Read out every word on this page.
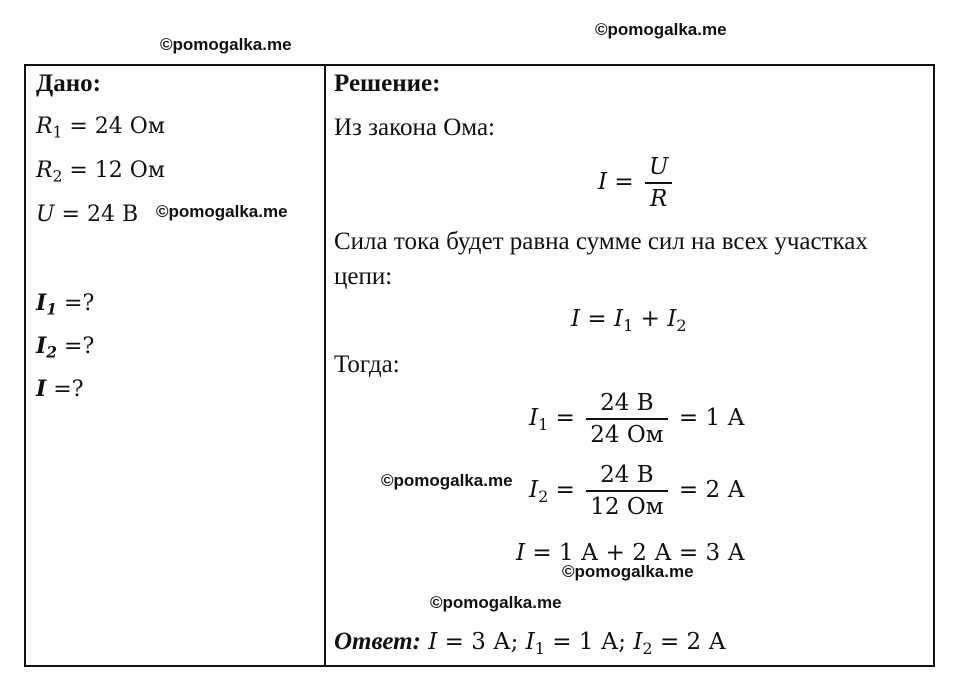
©pomogalka.me
©pomogalka.me
Дано:
$R_1 = 24$ Ом
$R_2 = 12$ Ом
U = 24 В ©pomogalka.me
$I_1$ =?
$I_2$ =?
I =?
Решение:
Из закона Ома:
$I = \frac{U}{R}$
Сила тока будет равна сумме сил на всех участках
цепи:
$I = I_1 + I_2$
Тогда:
$I_1 = \frac{24 В}{24 Ом} = 1$ А
©pomogalka.me $I_2 = \frac{24 В}{12 Ом} = 2$ А
I = 1 А + 2 А = 3 А
©pomogalka.me
©pomogalka.me
Ответ: I = 3 А; $I_1 = 1$ А; $I_2 = 2$ А
